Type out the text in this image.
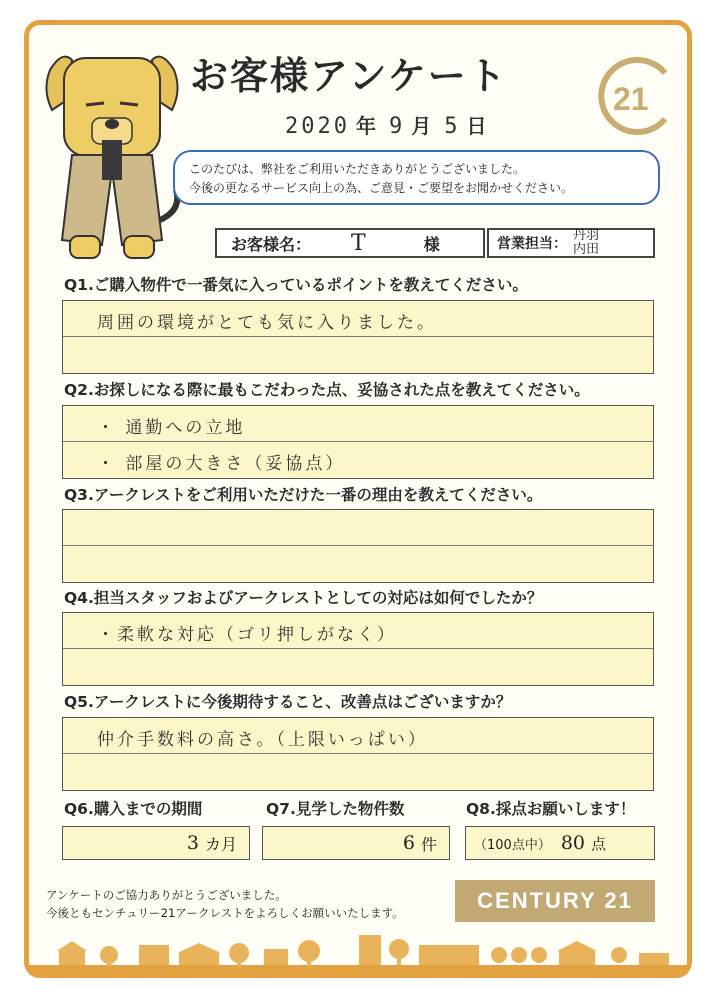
お客様アンケート
2020 年 9 月 5 日
21
このたびは、弊社をご利用いただきありがとうございました。
今後の更なるサービス向上の為、ご意見・ご要望をお聞かせください。
お客様名： T	様	営業担当：
丹羽
内田
Q1.ご購入物件で一番気に入っているポイントを教えてください。
周囲の環境がとても気に入りました。
Q2.お探しになる際に最もこだわった点、妥協された点を教えてください。
・ 通勤への立地
・ 部屋の大きさ（妥協点）
Q3.アークレストをご利用いただけた一番の理由を教えてください。
Q4.担当スタッフおよびアークレストとしての対応は如何でしたか？
・柔軟な対応（ゴリ押しがなく）
Q5.アークレストに今後期待すること、改善点はございますか？
仲介手数料の高さ。（上限いっぱい）
Q6.購入までの期間
3 カ月
Q7.見学した物件数
6 件
Q8.採点お願いします！
（100点中） 80 点
アンケートのご協力ありがとうございました。
今後ともセンチュリー21アークレストをよろしくお願いいたします。	CENTURY 21
センチュリー21の加盟店は、すべて独立・自営です。
